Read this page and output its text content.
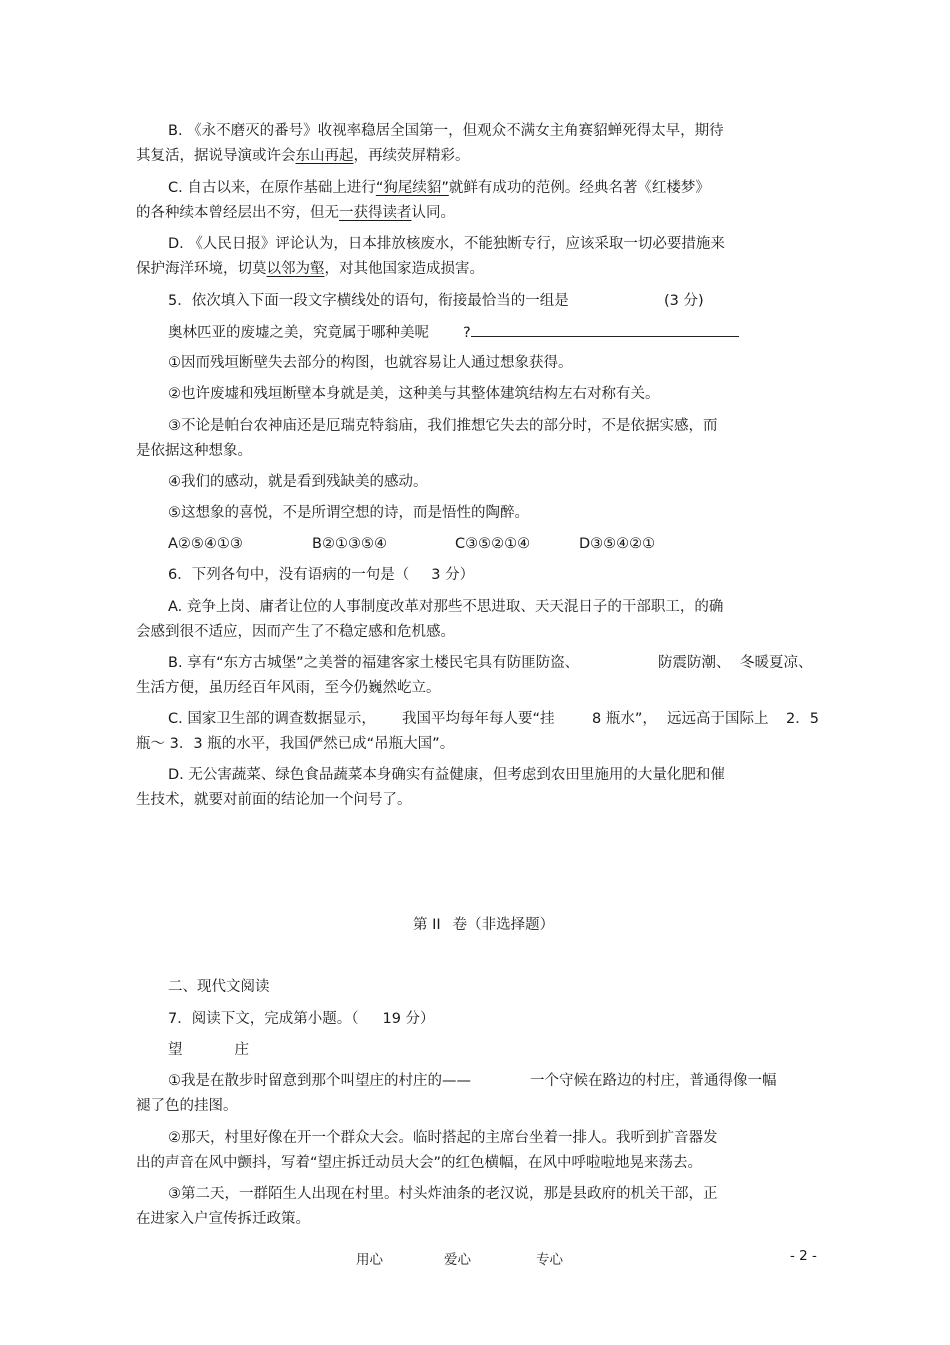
B. 《永不磨灭的番号》收视率稳居全国第一，但观众不满女主角赛貂蝉死得太早，期待
其复活，据说导演或许会东山再起，再续荧屏精彩。
C. 自古以来，在原作基础上进行“狗尾续貂”就鲜有成功的范例。经典名著《红楼梦》
的各种续本曾经层出不穷，但无一获得读者认同。
D. 《人民日报》评论认为，日本排放核废水，不能独断专行，应该采取一切必要措施来
保护海洋环境，切莫以邻为壑，对其他国家造成损害。
5．依次填入下面一段文字横线处的语句，衔接最恰当的一组是	(3 分)
奥林匹亚的废墟之美，究竟属于哪种美呢 ?
①因而残垣断壁失去部分的构图，也就容易让人通过想象获得。
②也许废墟和残垣断壁本身就是美，这种美与其整体建筑结构左右对称有关。
③不论是帕台农神庙还是厄瑞克特翁庙，我们推想它失去的部分时，不是依据实感，而
是依据这种想象。
④我们的感动，就是看到残缺美的感动。
⑤这想象的喜悦，不是所谓空想的诗，而是悟性的陶醉。
A②⑤④①③	B②①③⑤④	C③⑤②①④	D③⑤④②①
6．下列各句中，没有语病的一句是（ 3 分）
A. 竞争上岗、庸者让位的人事制度改革对那些不思进取、天天混日子的干部职工，的确
会感到很不适应，因而产生了不稳定感和危机感。
B. 享有“东方古城堡”之美誉的福建客家土楼民宅具有防匪防盗、	防震防潮、 冬暖夏凉、
生活方便，虽历经百年风雨，至今仍巍然屹立。
C. 国家卫生部的调查数据显示， 我国平均每年每人要“挂	8 瓶水”， 远远高于国际上 2．5
瓶～ 3．3 瓶的水平，我国俨然已成“吊瓶大国”。
D. 无公害蔬菜、绿色食品蔬菜本身确实有益健康，但考虑到农田里施用的大量化肥和催
生技术，就要对前面的结论加一个问号了。
第 II 卷（非选择题）
二、现代文阅读
7．阅读下文，完成第小题。（ 19 分）
望	庄
①我是在散步时留意到那个叫望庄的村庄的——	一个守候在路边的村庄，普通得像一幅
褪了色的挂图。
②那天，村里好像在开一个群众大会。临时搭起的主席台坐着一排人。我听到扩音器发
出的声音在风中颤抖，写着“望庄拆迁动员大会”的红色横幅，在风中呼啦啦地晃来荡去。
③第二天，一群陌生人出现在村里。村头炸油条的老汉说，那是县政府的机关干部，正
在进家入户宣传拆迁政策。
用心	爱心	专心	- 2 -
